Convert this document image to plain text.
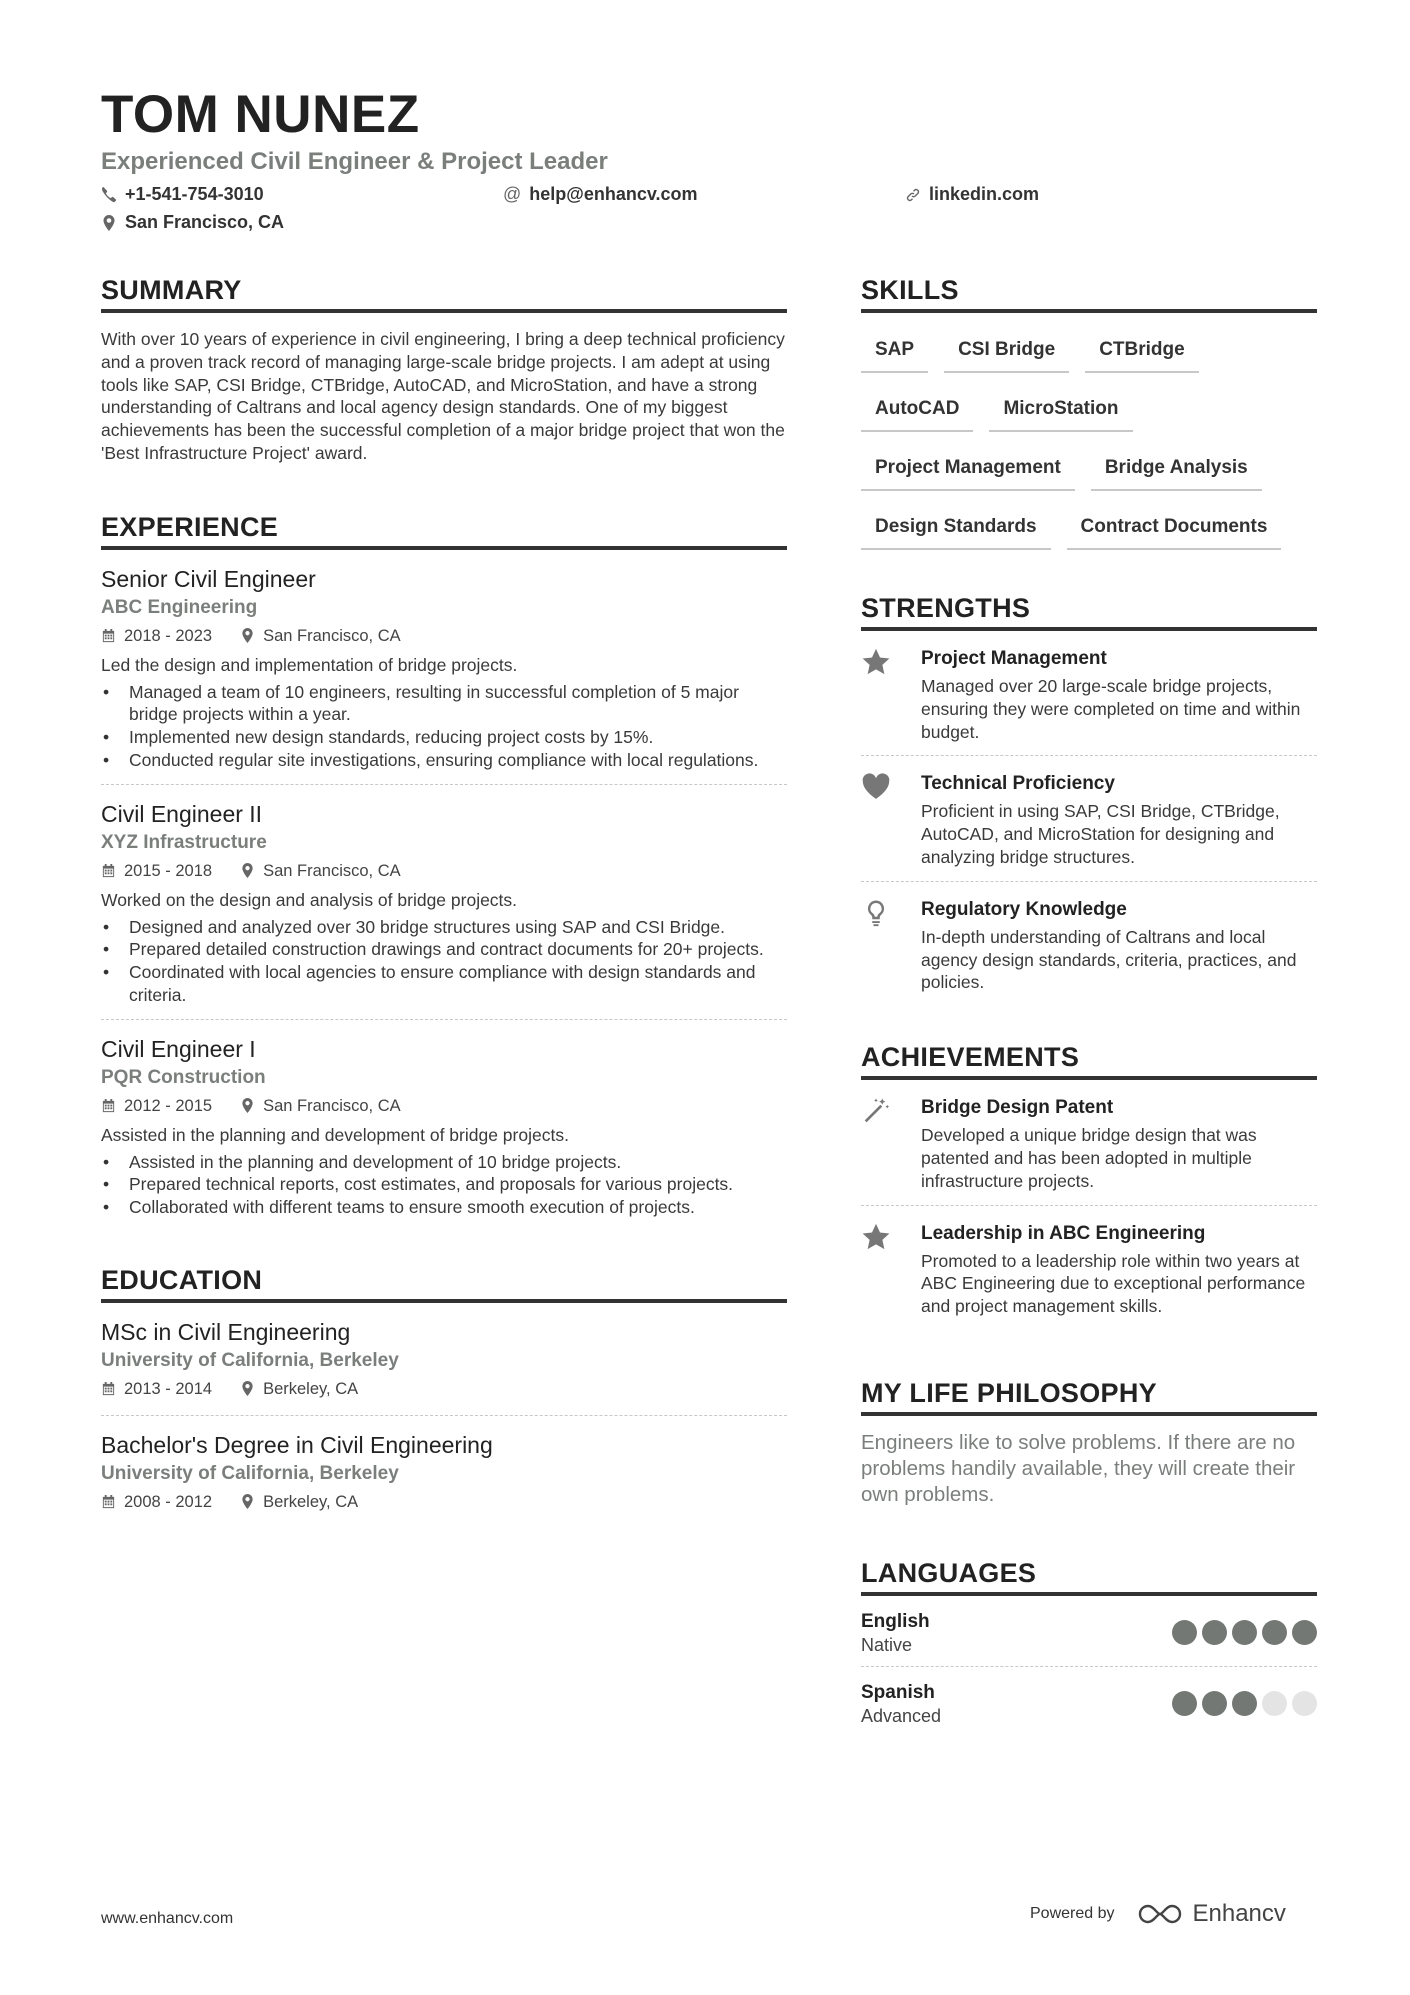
TOM NUNEZ
Experienced Civil Engineer & Project Leader
+1-541-754-3010	@ help@enhancv.com	linkedin.com
San Francisco, CA
SUMMARY
With over 10 years of experience in civil engineering, I bring a deep technical proficiency and a proven track record of managing large-scale bridge projects. I am adept at using tools like SAP, CSI Bridge, CTBridge, AutoCAD, and MicroStation, and have a strong understanding of Caltrans and local agency design standards. One of my biggest achievements has been the successful completion of a major bridge project that won the 'Best Infrastructure Project' award.
EXPERIENCE
Senior Civil Engineer
ABC Engineering
2018 - 2023	San Francisco, CA
Led the design and implementation of bridge projects.
• Managed a team of 10 engineers, resulting in successful completion of 5 major bridge projects within a year.
• Implemented new design standards, reducing project costs by 15%.
• Conducted regular site investigations, ensuring compliance with local regulations.
Civil Engineer II
XYZ Infrastructure
2015 - 2018	San Francisco, CA
Worked on the design and analysis of bridge projects.
• Designed and analyzed over 30 bridge structures using SAP and CSI Bridge.
• Prepared detailed construction drawings and contract documents for 20+ projects.
• Coordinated with local agencies to ensure compliance with design standards and criteria.
Civil Engineer I
PQR Construction
2012 - 2015	San Francisco, CA
Assisted in the planning and development of bridge projects.
• Assisted in the planning and development of 10 bridge projects.
• Prepared technical reports, cost estimates, and proposals for various projects.
• Collaborated with different teams to ensure smooth execution of projects.
EDUCATION
MSc in Civil Engineering
University of California, Berkeley
2013 - 2014	Berkeley, CA
Bachelor's Degree in Civil Engineering
University of California, Berkeley
2008 - 2012	Berkeley, CA
SKILLS
SAP	CSI Bridge	CTBridge
AutoCAD	MicroStation
Project Management	Bridge Analysis
Design Standards	Contract Documents
STRENGTHS
Project Management
Managed over 20 large-scale bridge projects, ensuring they were completed on time and within budget.
Technical Proficiency
Proficient in using SAP, CSI Bridge, CTBridge, AutoCAD, and MicroStation for designing and analyzing bridge structures.
Regulatory Knowledge
In-depth understanding of Caltrans and local agency design standards, criteria, practices, and policies.
ACHIEVEMENTS
Bridge Design Patent
Developed a unique bridge design that was patented and has been adopted in multiple infrastructure projects.
Leadership in ABC Engineering
Promoted to a leadership role within two years at ABC Engineering due to exceptional performance and project management skills.
MY LIFE PHILOSOPHY
Engineers like to solve problems. If there are no problems handily available, they will create their own problems.
LANGUAGES
English
Native
Spanish
Advanced
www.enhancv.com	Powered by	Enhancv
